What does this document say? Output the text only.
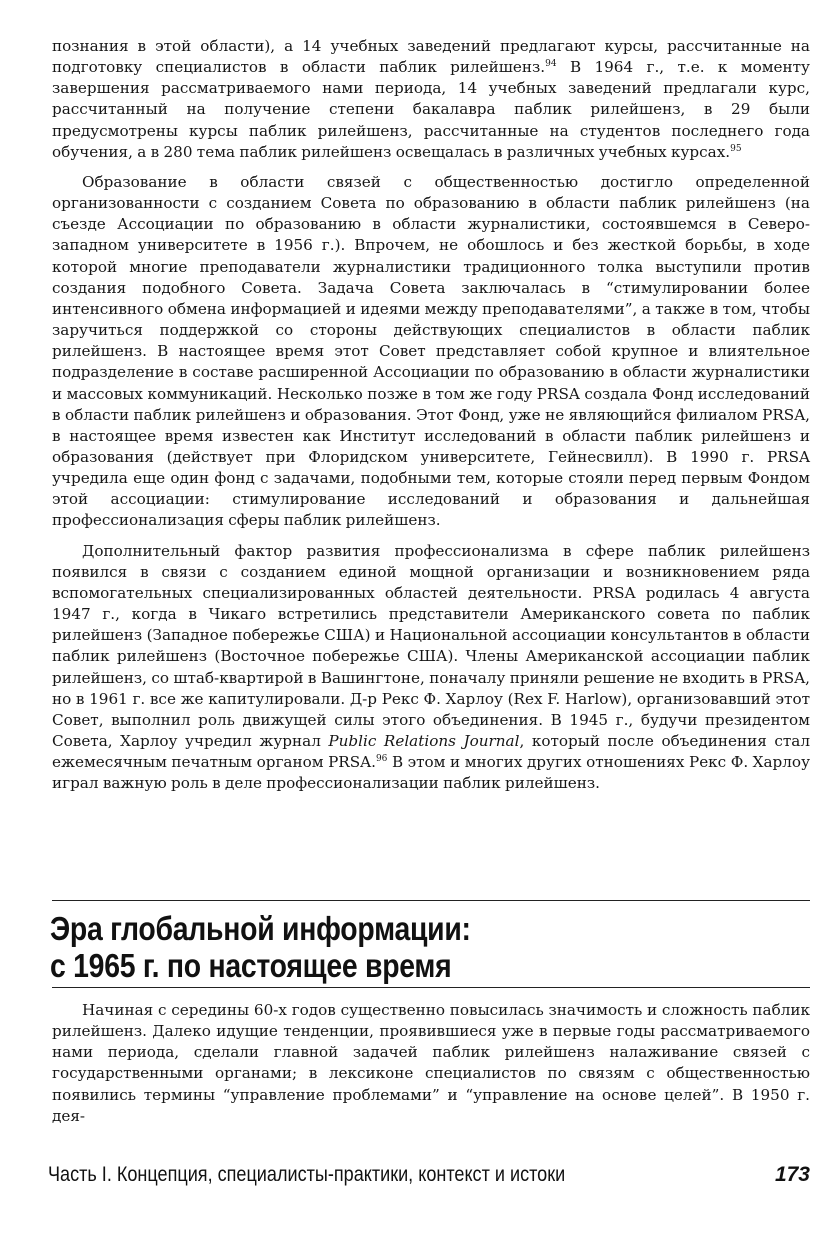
познания в этой области), а 14 учебных заведений предлагают курсы, рассчитанные на подготовку специалистов в области паблик рилейшенз.$^{94}$ В 1964 г., т.е. к моменту завершения рассматриваемого нами периода, 14 учебных заведений предлагали курс, рассчитанный на получение степени бакалавра паблик рилейшенз, в 29 были предусмотрены курсы паблик рилейшенз, рассчитанные на студентов последнего года обучения, а в 280 тема паблик рилейшенз освещалась в различных учебных курсах.$^{95}$

Образование в области связей с общественностью достигло определенной организованности с созданием Совета по образованию в области паблик рилейшенз (на съезде Ассоциации по образованию в области журналистики, состоявшемся в Северо-западном университете в 1956 г.). Впрочем, не обошлось и без жесткой борьбы, в ходе которой многие преподаватели журналистики традиционного толка выступили против создания подобного Совета. Задача Совета заключалась в “стимулировании более интенсивного обмена информацией и идеями между преподавателями”, а также в том, чтобы заручиться поддержкой со стороны действующих специалистов в области паблик рилейшенз. В настоящее время этот Совет представляет собой крупное и влиятельное подразделение в составе расширенной Ассоциации по образованию в области журналистики и массовых коммуникаций. Несколько позже в том же году PRSA создала Фонд исследований в области паблик рилейшенз и образования. Этот Фонд, уже не являющийся филиалом PRSA, в настоящее время известен как Институт исследований в области паблик рилейшенз и образования (действует при Флоридском университете, Гейнесвилл). В 1990 г. PRSA учредила еще один фонд с задачами, подобными тем, которые стояли перед первым Фондом этой ассоциации: стимулирование исследований и образования и дальнейшая профессионализация сферы паблик рилейшенз.

Дополнительный фактор развития профессионализма в сфере паблик рилейшенз появился в связи с созданием единой мощной организации и возникновением ряда вспомогательных специализированных областей деятельности. PRSA родилась 4 августа 1947 г., когда в Чикаго встретились представители Американского совета по паблик рилейшенз (Западное побережье США) и Национальной ассоциации консультантов в области паблик рилейшенз (Восточное побережье США). Члены Американской ассоциации паблик рилейшенз, со штаб-квартирой в Вашингтоне, поначалу приняли решение не входить в PRSA, но в 1961 г. все же капитулировали. Д-р Рекс Ф. Харлоу (Rex F. Harlow), организовавший этот Совет, выполнил роль движущей силы этого объединения. В 1945 г., будучи президентом Совета, Харлоу учредил журнал Public Relations Journal, который после объединения стал ежемесячным печатным органом PRSA.$^{96}$ В этом и многих других отношениях Рекс Ф. Харлоу играл важную роль в деле профессионализации паблик рилейшенз.

Эра глобальной информации:
с 1965 г. по настоящее время

Начиная с середины 60-х годов существенно повысилась значимость и сложность паблик рилейшенз. Далеко идущие тенденции, проявившиеся уже в первые годы рассматриваемого нами периода, сделали главной задачей паблик рилейшенз налаживание связей с государственными органами; в лексиконе специалистов по связям с общественностью появились термины “управление проблемами” и “управление на основе целей”. В 1950 г. дея-

Часть I. Концепция, специалисты-практики, контекст и истоки	173
